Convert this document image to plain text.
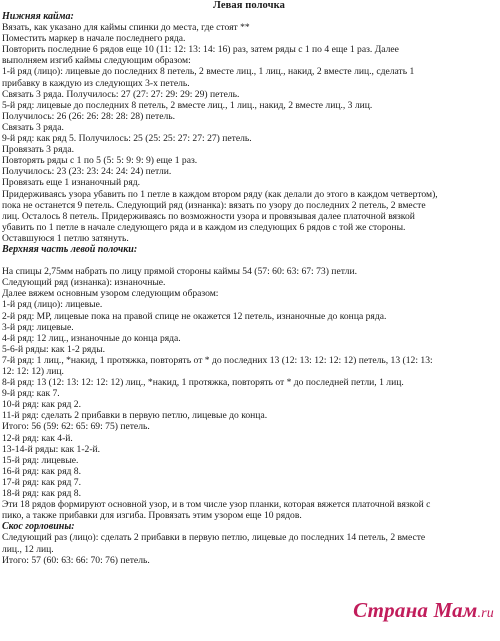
Левая полочка
Нижняя кайма:
Вязать, как указано для каймы спинки до места, где стоят **
Поместить маркер в начале последнего ряда.
Повторить последние 6 рядов еще 10 (11: 12: 13: 14: 16) раз, затем ряды с 1 по 4 еще 1 раз. Далее
выполняем изгиб каймы следующим образом:
1-й ряд (лицо): лицевые до последних 8 петель, 2 вместе лиц., 1 лиц., накид, 2 вместе лиц., сделать 1
прибавку в каждую из следующих 3-х петель.
Связать 3 ряда. Получилось: 27 (27: 27: 29: 29: 29) петель.
5-й ряд: лицевые до последних 8 петель, 2 вместе лиц., 1 лиц., накид, 2 вместе лиц., 3 лиц.
Получилось: 26 (26: 26: 28: 28: 28) петель.
Связать 3 ряда.
9-й ряд: как ряд 5. Получилось: 25 (25: 25: 27: 27: 27) петель.
Провязать 3 ряда.
Повторять ряды с 1 по 5 (5: 5: 9: 9: 9) еще 1 раз.
Получилось: 23 (23: 23: 24: 24: 24) петли.
Провязать еще 1 изнаночный ряд.
Придерживаясь узора убавить по 1 петле в каждом втором ряду (как делали до этого в каждом четвертом),
пока не останется 9 петель. Следующий ряд (изнанка): вязать по узору до последних 2 петель, 2 вместе
лиц. Осталось 8 петель. Придерживаясь по возможности узора и провязывая далее платочной вязкой
убавить по 1 петле в начале следующего ряда и в каждом из следующих 6 рядов с той же стороны.
Оставшуюся 1 петлю затянуть.
Верхняя часть левой полочки:
На спицы 2,75мм набрать по лицу прямой стороны каймы 54 (57: 60: 63: 67: 73) петли.
Следующий ряд (изнанка): изнаночные.
Далее вяжем основным узором следующим образом:
1-й ряд (лицо): лицевые.
2-й ряд: МР, лицевые пока на правой спице не окажется 12 петель, изнаночные до конца ряда.
3-й ряд: лицевые.
4-й ряд: 12 лиц., изнаночные до конца ряда.
5-6-й ряды: как 1-2 ряды.
7-й ряд: 1 лиц., *накид, 1 протяжка, повторять от * до последних 13 (12: 13: 12: 12: 12) петель, 13 (12: 13:
12: 12: 12) лиц.
8-й ряд: 13 (12: 13: 12: 12: 12) лиц., *накид, 1 протяжка, повторять от * до последней петли, 1 лиц.
9-й ряд: как 7.
10-й ряд: как ряд 2.
11-й ряд: сделать 2 прибавки в первую петлю, лицевые до конца.
Итого: 56 (59: 62: 65: 69: 75) петель.
12-й ряд: как 4-й.
13-14-й ряды: как 1-2-й.
15-й ряд: лицевые.
16-й ряд: как ряд 8.
17-й ряд: как ряд 7.
18-й ряд: как ряд 8.
Эти 18 рядов формируют основной узор, и в том числе узор планки, которая вяжется платочной вязкой с
пико, а также прибавки для изгиба. Провязать этим узором еще 10 рядов.
Скос горловины:
Следующий раз (лицо): сделать 2 прибавки в первую петлю, лицевые до последних 14 петель, 2 вместе
лиц., 12 лиц.
Итого: 57 (60: 63: 66: 70: 76) петель.
Страна Мам.ru
